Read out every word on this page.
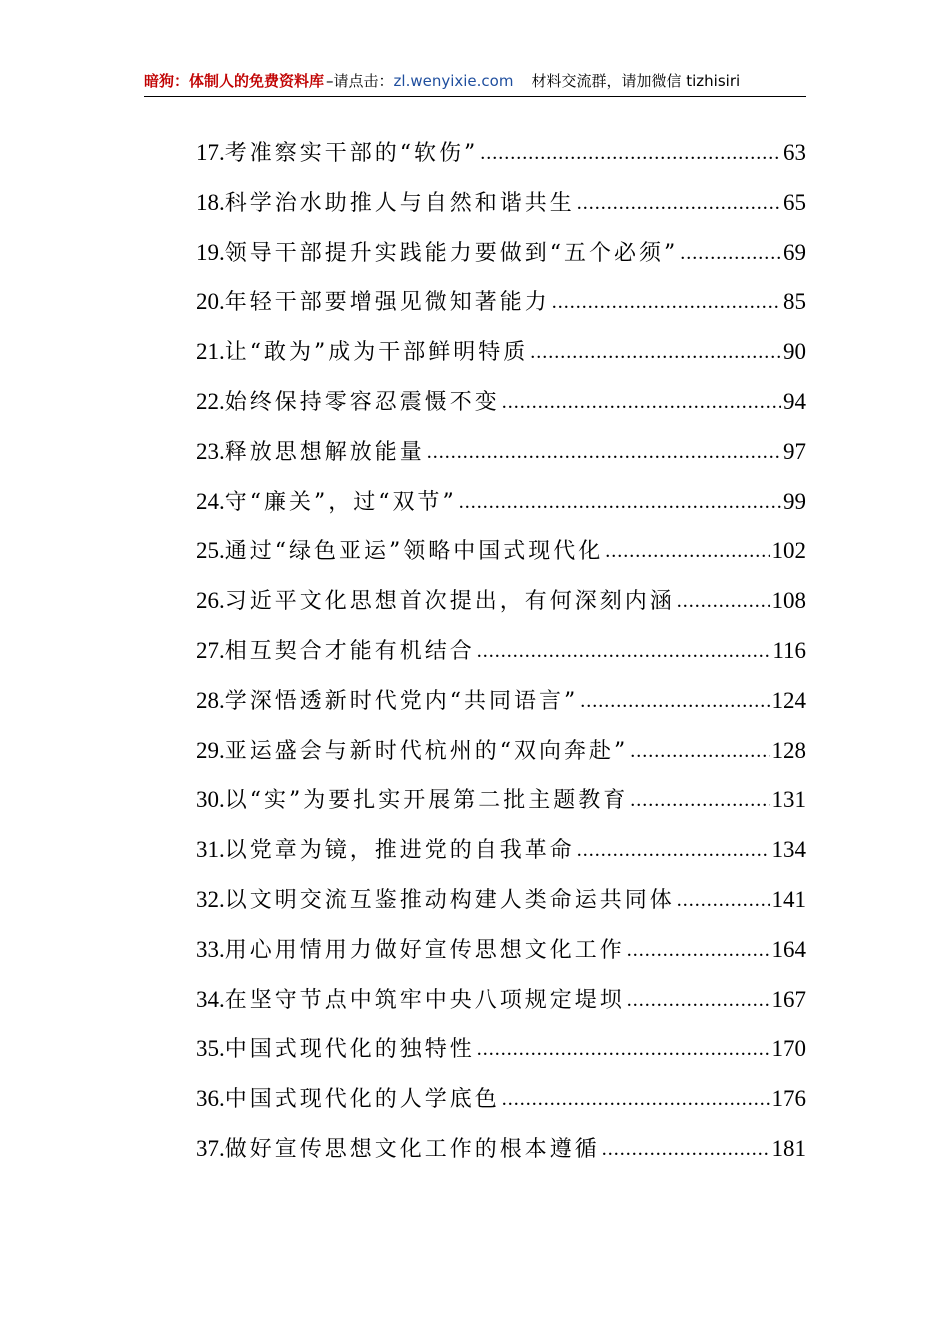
暗狗：体制人的免费资料库 –请点击： zl.wenyixie.com 材料交流群，请加微信 tizhisiri
17. 考准察实干部的“软伤” .....	63
18. 科学治水助推人与自然和谐共生 .....	65
19. 领导干部提升实践能力要做到“五个必须” .....	69
20. 年轻干部要增强见微知著能力 .....	85
21. 让“敢为”成为干部鲜明特质 .....	90
22. 始终保持零容忍震慑不变 .....	94
23. 释放思想解放能量 .....	97
24. 守“廉关”，过“双节” .....	99
25. 通过“绿色亚运”领略中国式现代化 .....	102
26. 习近平文化思想首次提出，有何深刻内涵 .....	108
27. 相互契合才能有机结合 .....	116
28. 学深悟透新时代党内“共同语言” .....	124
29. 亚运盛会与新时代杭州的“双向奔赴” .....	128
30. 以“实”为要扎实开展第二批主题教育 .....	131
31. 以党章为镜，推进党的自我革命 .....	134
32. 以文明交流互鉴推动构建人类命运共同体 .....	141
33. 用心用情用力做好宣传思想文化工作 .....	164
34. 在坚守节点中筑牢中央八项规定堤坝 .....	167
35. 中国式现代化的独特性 .....	170
36. 中国式现代化的人学底色 .....	176
37. 做好宣传思想文化工作的根本遵循 .....	181
